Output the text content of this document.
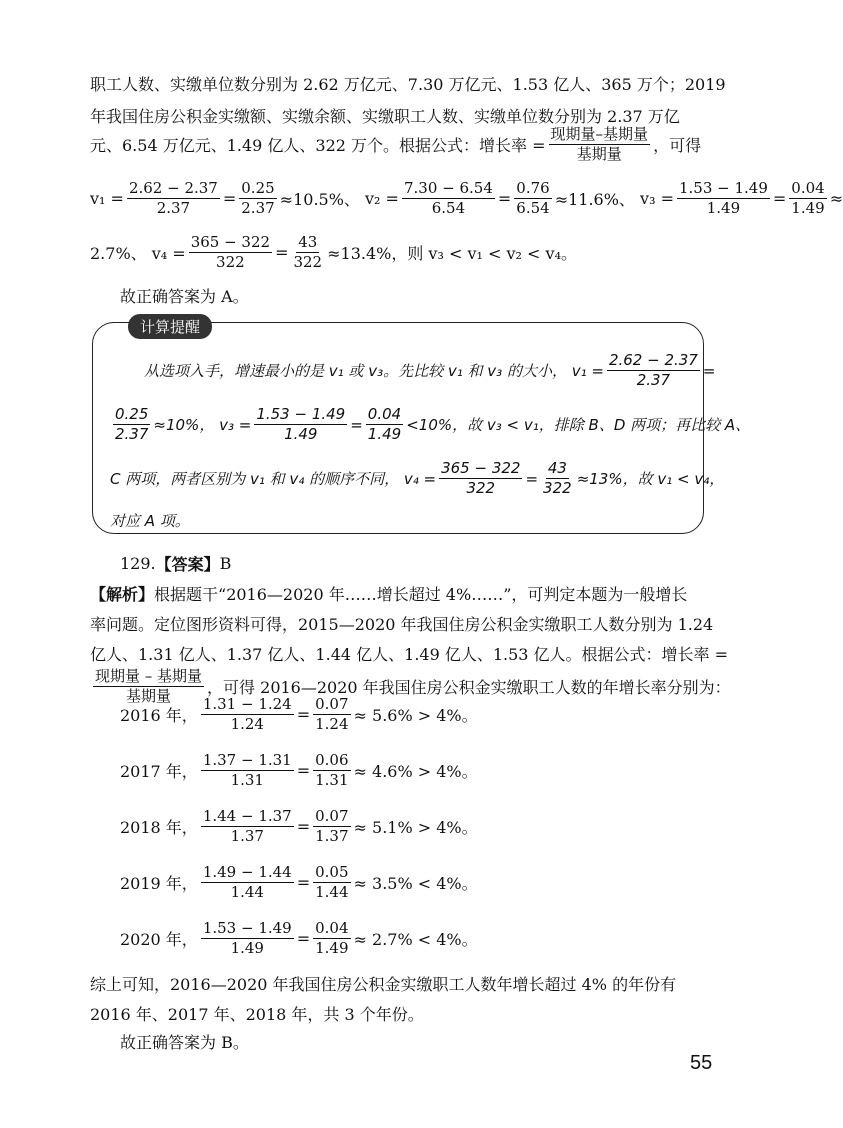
职工人数、实缴单位数分别为 2.62 万亿元、7.30 万亿元、1.53 亿人、365 万个；2019
年我国住房公积金实缴额、实缴余额、实缴职工人数、实缴单位数分别为 2.37 万亿
元、6.54 万亿元、1.49 亿人、322 万个。根据公式：增长率 = $\frac{\text{现期量–基期量}}{\text{基期量}}$ ，可得
$v_1 = \frac{2.62 - 2.37}{2.37} = \frac{0.25}{2.37} \approx 10.5\%$、
$v_2 = \frac{7.30 - 6.54}{6.54} = \frac{0.76}{6.54} \approx 11.6\%$、
$v_3 = \frac{1.53 - 1.49}{1.49} = \frac{0.04}{1.49}$ ≈
2.7%、 $v_4 = \frac{365 - 322}{322} = \frac{43}{322} \approx 13.4\%$，则 v₃ < v₁ < v₂ < v₄。
故正确答案为 A。
计算提醒
从选项入手，增速最小的是 v₁ 或 v₃。先比较 v₁ 和 v₃ 的大小， $v_1 = \frac{2.62 - 2.37}{2.37}$ =
$\frac{0.25}{2.37} \approx 10\%$， $v_3 = \frac{1.53 - 1.49}{1.49} = \frac{0.04}{1.49} <10\%$，故 v₃ < v₁，排除 B、D 两项；再比较 A、
C 两项，两者区别为 v₁ 和 v₄ 的顺序不同， $v_4 = \frac{365 - 322}{322} = \frac{43}{322} \approx 13\%$，故 v₁ < v₄，
对应 A 项。
129. 【答案】 B
【解析】 根据题干“2016—2020 年……增长超过 4%……”，可判定本题为一般增长
率问题。定位图形资料可得，2015—2020 年我国住房公积金实缴职工人数分别为 1.24
亿人、1.31 亿人、1.37 亿人、1.44 亿人、1.49 亿人、1.53 亿人。根据公式：增长率 =
$\frac{\text{现期量 – 基期量}}{\text{基期量}}$ ，可得 2016—2020 年我国住房公积金实缴职工人数的年增长率分别为：
2016 年， $\frac{1.31 - 1.24}{1.24} = \frac{0.07}{1.24} \approx 5.6\% > 4\%$。
2017 年， $\frac{1.37 - 1.31}{1.31} = \frac{0.06}{1.31} \approx 4.6\% > 4\%$。
2018 年， $\frac{1.44 - 1.37}{1.37} = \frac{0.07}{1.37} \approx 5.1\% > 4\%$。
2019 年， $\frac{1.49 - 1.44}{1.44} = \frac{0.05}{1.44} \approx 3.5\% < 4\%$。
2020 年， $\frac{1.53 - 1.49}{1.49} = \frac{0.04}{1.49} \approx 2.7\% < 4\%$。
综上可知，2016—2020 年我国住房公积金实缴职工人数年增长超过 4% 的年份有
2016 年、2017 年、2018 年，共 3 个年份。
故正确答案为 B。
55
